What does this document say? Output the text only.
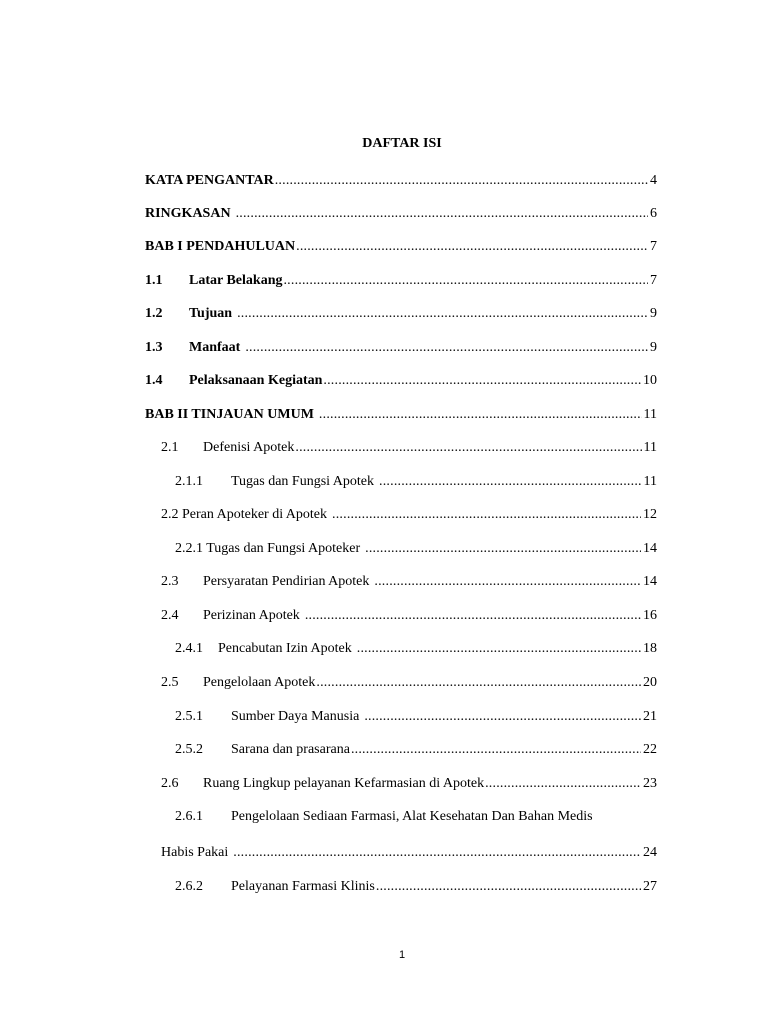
DAFTAR ISI
KATA PENGANTAR .....	4
RINGKASAN .....	6
BAB I PENDAHULUAN .....	7
1.1	Latar Belakang .....	7
1.2	Tujuan .....	9
1.3	Manfaat .....	9
1.4	Pelaksanaan Kegiatan .....	10
BAB II TINJAUAN UMUM .....	11
2.1	Defenisi Apotek .....	11
2.1.1	Tugas dan Fungsi Apotek .....	11
2.2 Peran Apoteker di Apotek .....	12
2.2.1 Tugas dan Fungsi Apoteker .....	14
2.3	Persyaratan Pendirian Apotek .....	14
2.4	Perizinan Apotek .....	16
2.4.1	Pencabutan Izin Apotek .....	18
2.5	Pengelolaan Apotek .....	20
2.5.1	Sumber Daya Manusia .....	21
2.5.2	Sarana dan prasarana .....	22
2.6	Ruang Lingkup pelayanan Kefarmasian di Apotek .....	23
2.6.1 Pengelolaan Sediaan Farmasi, Alat Kesehatan Dan Bahan Medis
Habis Pakai .....	24
2.6.2	Pelayanan Farmasi Klinis .....	27
1
